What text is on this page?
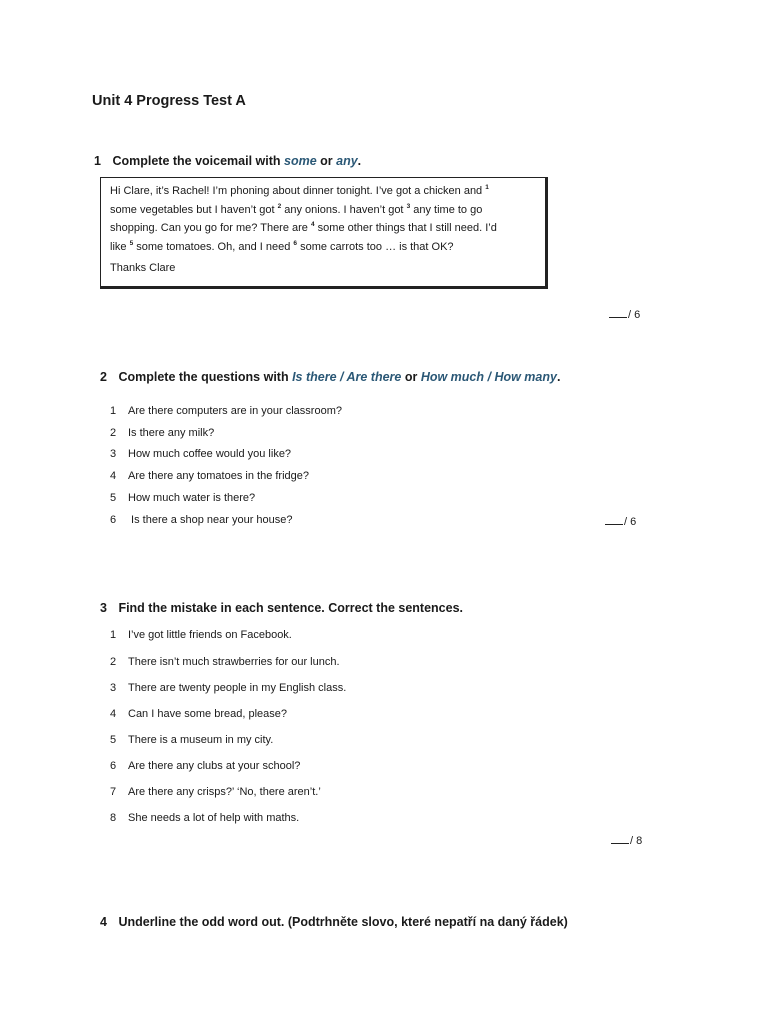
Unit 4 Progress Test A

1 Complete the voicemail with some or any.

Hi Clare, it’s Rachel! I’m phoning about dinner tonight. I’ve got a chicken and $^1$
some vegetables but I haven’t got $^2$ any onions. I haven’t got $^3$ any time to go
shopping. Can you go for me? There are $^4$ some other things that I still need. I’d
like $^5$ some tomatoes. Oh, and I need $^6$ some carrots too … is that OK?
Thanks Clare
/ 6

2 Complete the questions with Is there / Are there or How much / How many.

1 Are there computers are in your classroom?
2 Is there any milk?
3 How much coffee would you like?
4 Are there any tomatoes in the fridge?
5 How much water is there?
6 Is there a shop near your house?	/ 6

3 Find the mistake in each sentence. Correct the sentences.

1 I’ve got little friends on Facebook.
2 There isn’t much strawberries for our lunch.
3 There are twenty people in my English class.
4 Can I have some bread, please?
5 There is a museum in my city.
6 Are there any clubs at your school?
7 Are there any crisps?’ ‘No, there aren’t.’
8 She needs a lot of help with maths.
/ 8

4 Underline the odd word out. (Podtrhněte slovo, které nepatří na daný řádek)
